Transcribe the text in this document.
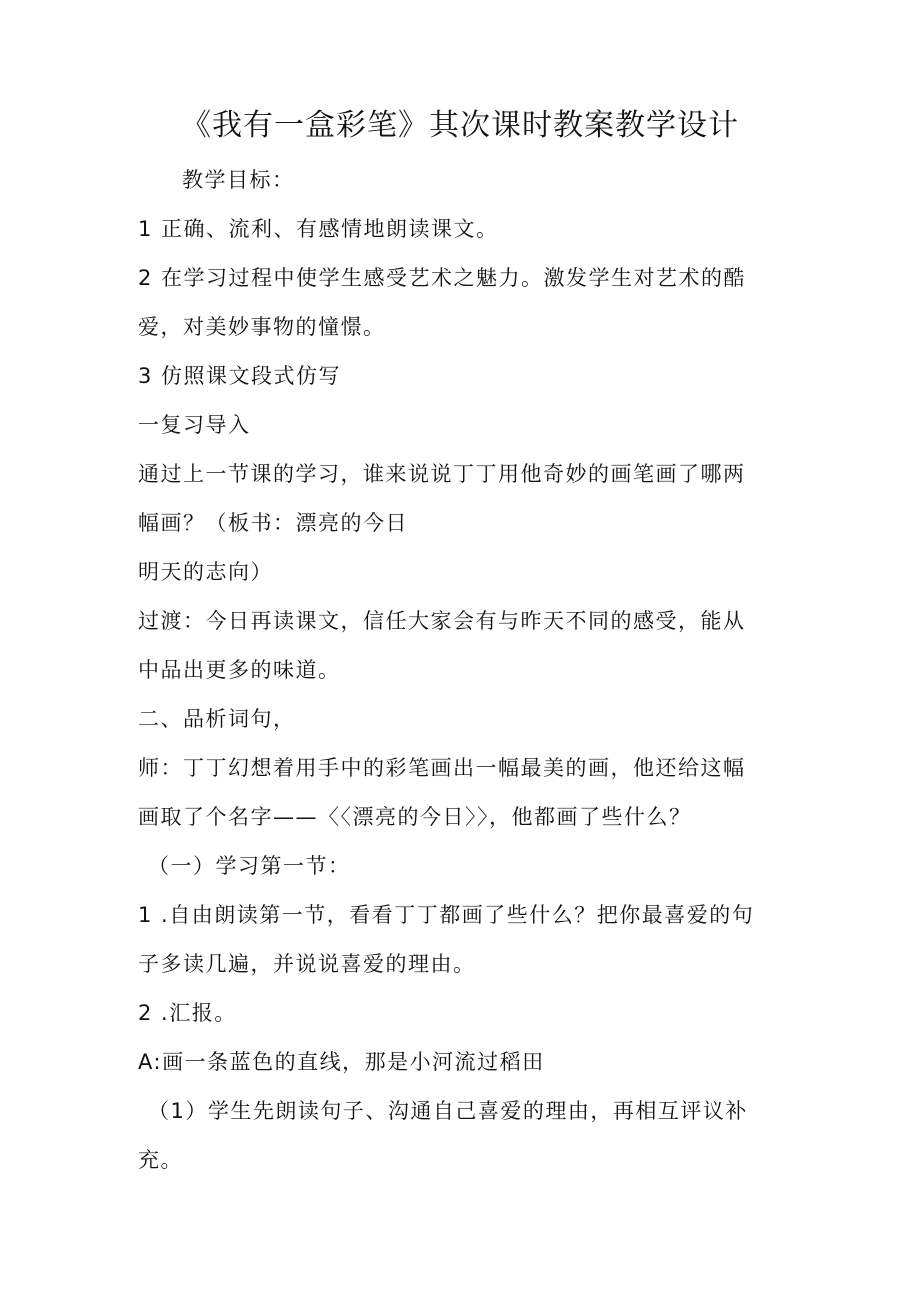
《我有一盒彩笔》其次课时教案教学设计
教学目标：
1 正确、流利、有感情地朗读课文。
2 在学习过程中使学生感受艺术之魅力。激发学生对艺术的酷
爱，对美妙事物的憧憬。
3 仿照课文段式仿写
一复习导入
通过上一节课的学习，谁来说说丁丁用他奇妙的画笔画了哪两
幅画？（板书：漂亮的今日
明天的志向）
过渡：今日再读课文，信任大家会有与昨天不同的感受，能从
中品出更多的味道。
二、品析词句，
师：丁丁幻想着用手中的彩笔画出一幅最美的画，他还给这幅
画取了个名字——〈〈漂亮的今日〉〉，他都画了些什么？
（一）学习第一节：
1 .自由朗读第一节，看看丁丁都画了些什么？把你最喜爱的句
子多读几遍，并说说喜爱的理由。
2 .汇报。
A:画一条蓝色的直线，那是小河流过稻田
（1）学生先朗读句子、沟通自己喜爱的理由，再相互评议补
充。
